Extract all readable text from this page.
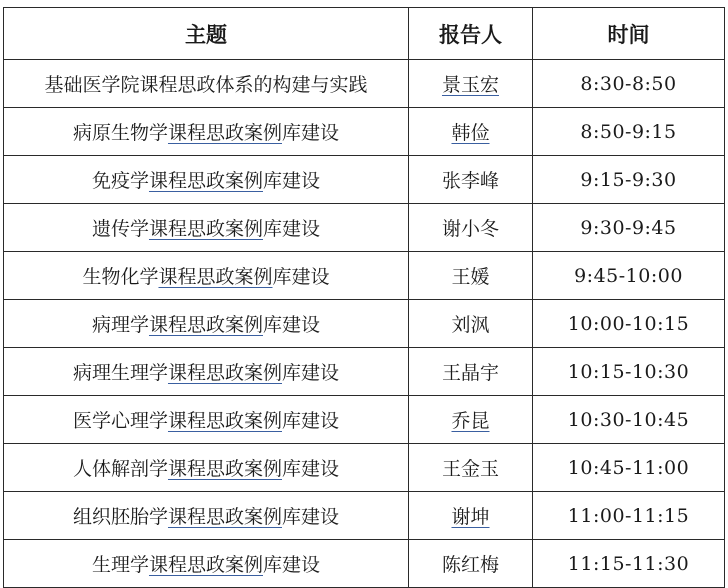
主题	报告人	时间
基础医学院课程思政体系的构建与实践	景玉宏	8:30-8:50
病原生物学课程思政案例库建设	韩俭	8:50-9:15
免疫学课程思政案例库建设	张李峰	9:15-9:30
遗传学课程思政案例库建设	谢小冬	9:30-9:45
生物化学课程思政案例库建设	王媛	9:45-10:00
病理学课程思政案例库建设	刘沨	10:00-10:15
病理生理学课程思政案例库建设	王晶宇	10:15-10:30
医学心理学课程思政案例库建设	乔昆	10:30-10:45
人体解剖学课程思政案例库建设	王金玉	10:45-11:00
组织胚胎学课程思政案例库建设	谢坤	11:00-11:15
生理学课程思政案例库建设	陈红梅	11:15-11:30
